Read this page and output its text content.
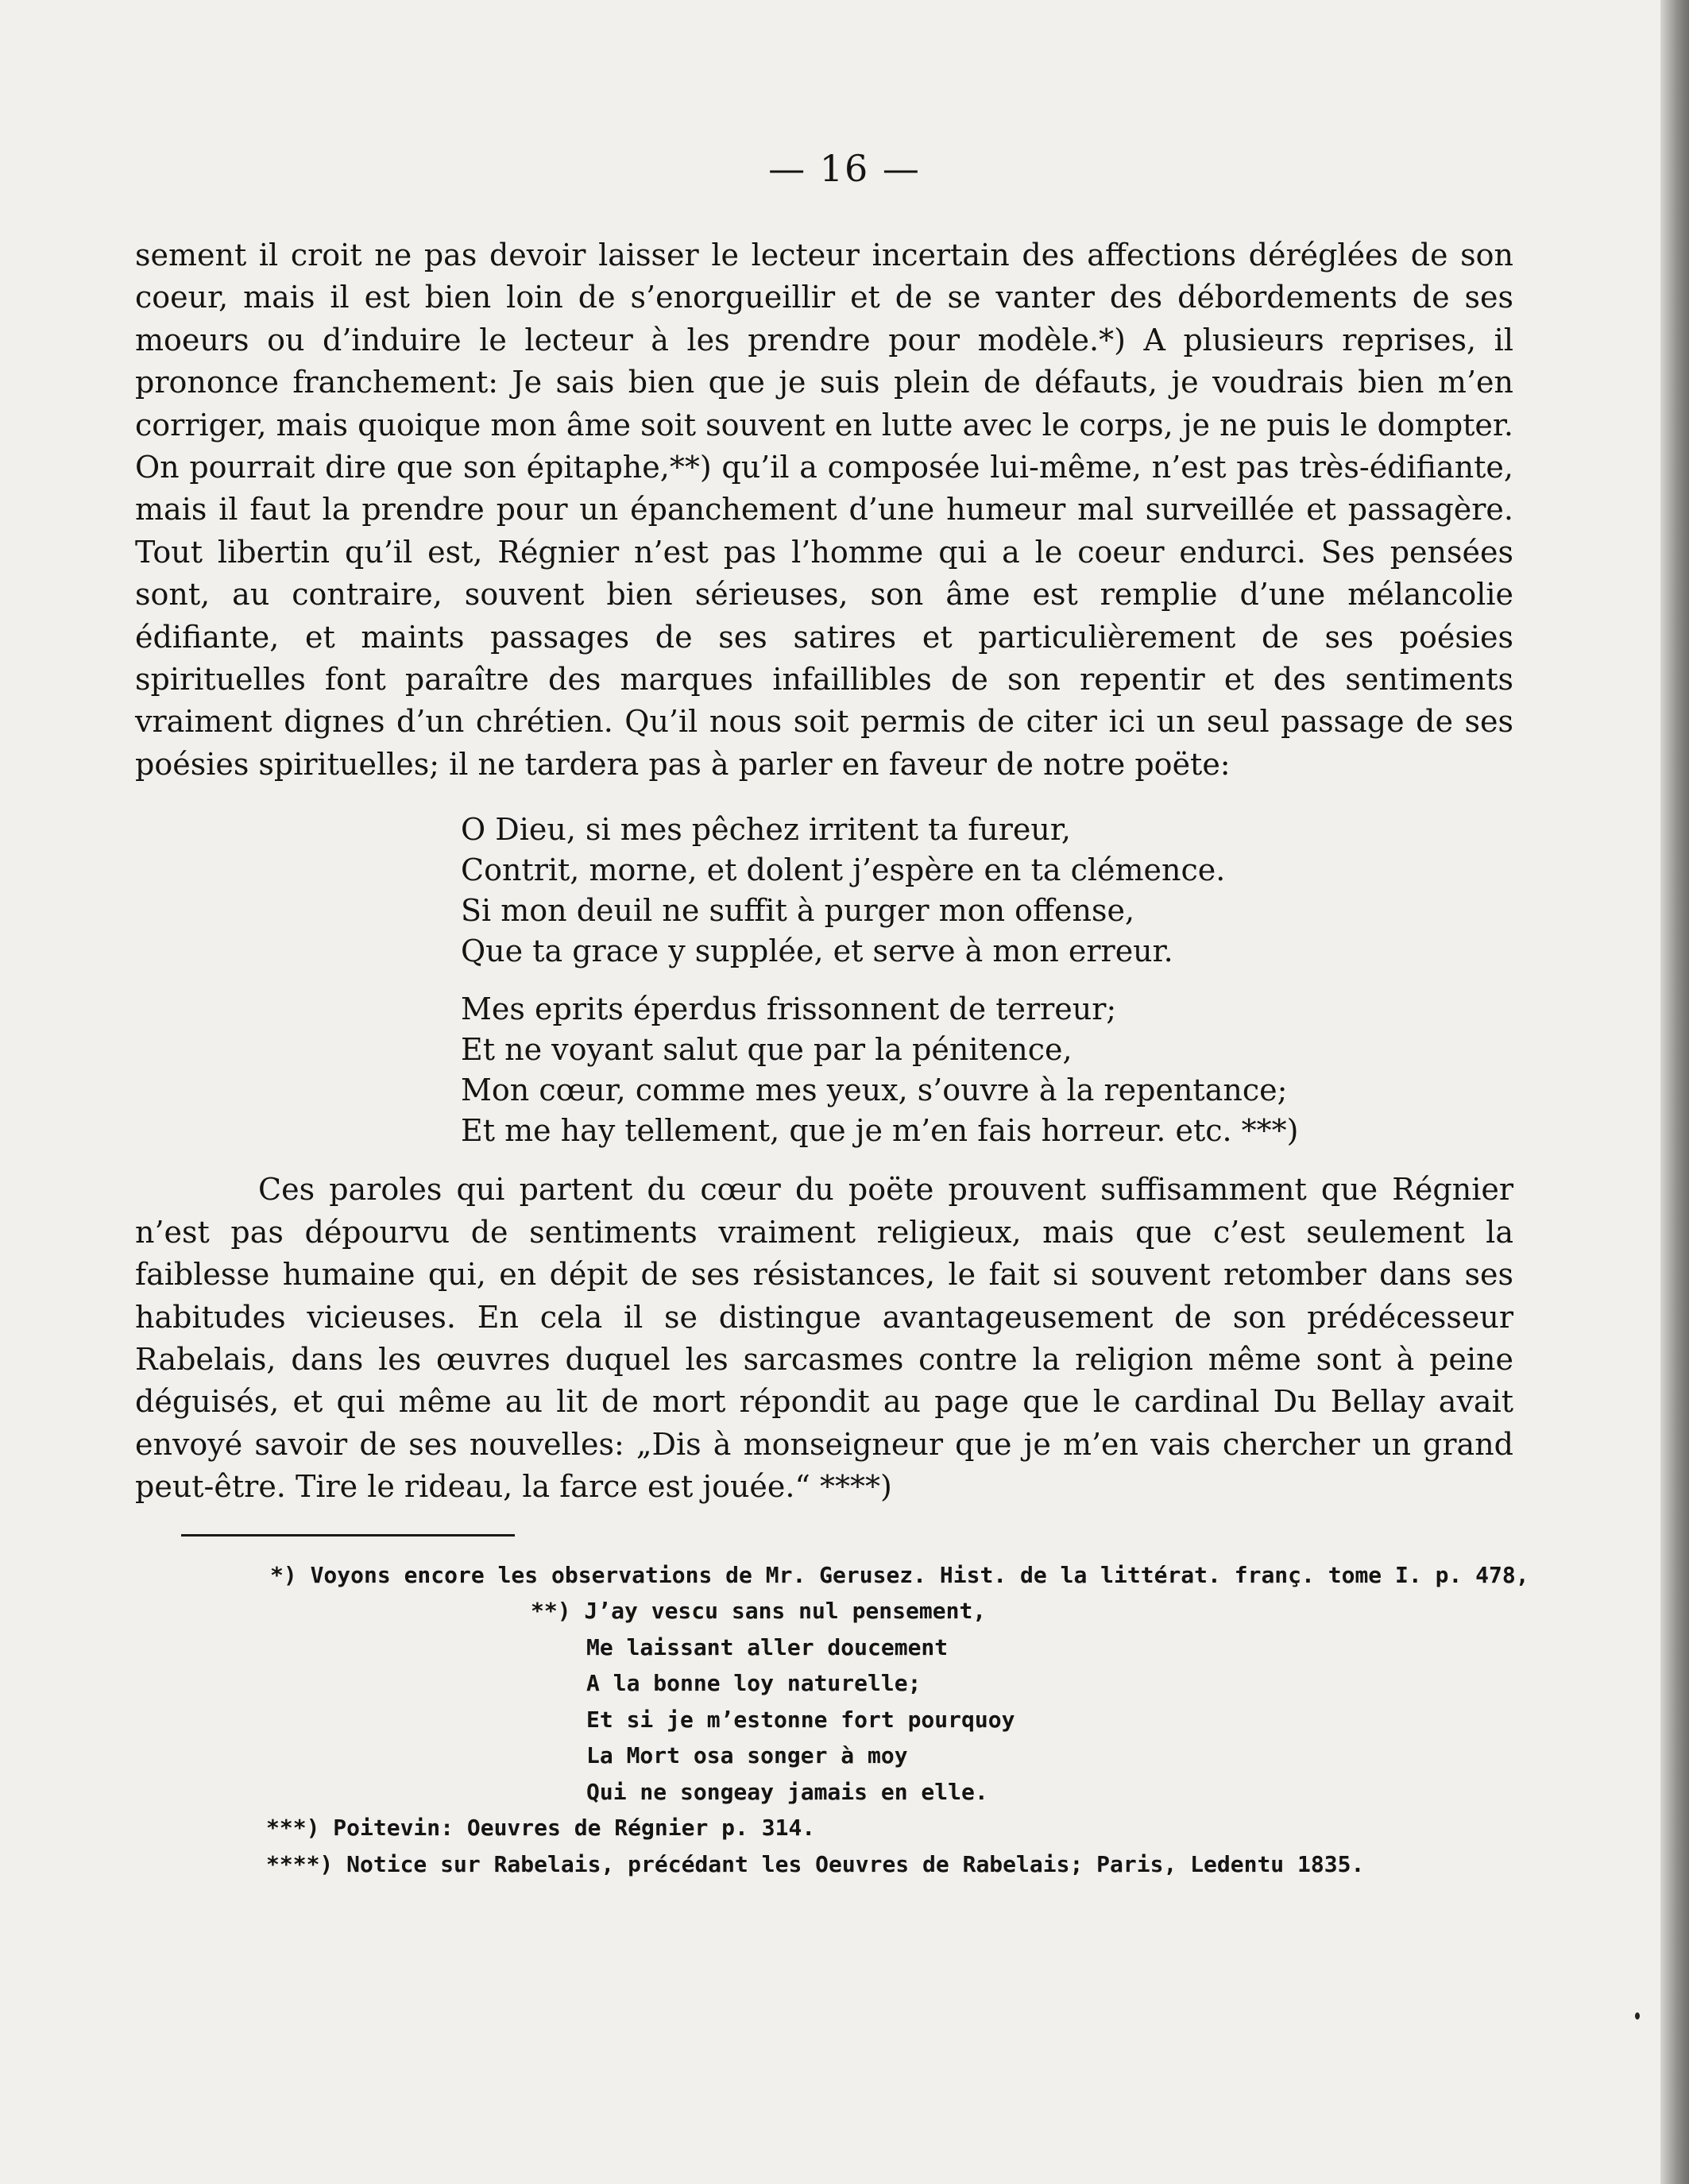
— 16 —

sement il croit ne pas devoir laisser le lecteur incertain des affections déréglées de son coeur, mais il est bien loin de s’enorgueillir et de se vanter des débordements de ses moeurs ou d’induire le lecteur à les prendre pour modèle.*) A plusieurs reprises, il prononce franchement: Je sais bien que je suis plein de défauts, je voudrais bien m’en corriger, mais quoique mon âme soit souvent en lutte avec le corps, je ne puis le dompter. On pourrait dire que son épitaphe,**) qu’il a composée lui-même, n’est pas très-édifiante, mais il faut la prendre pour un épanchement d’une humeur mal surveillée et passagère. Tout libertin qu’il est, Régnier n’est pas l’homme qui a le coeur endurci. Ses pensées sont, au contraire, souvent bien sérieuses, son âme est remplie d’une mélancolie édifiante, et maints passages de ses satires et particulièrement de ses poésies spirituelles font paraître des marques infaillibles de son repentir et des sentiments vraiment dignes d’un chrétien. Qu’il nous soit permis de citer ici un seul passage de ses poésies spirituelles; il ne tardera pas à parler en faveur de notre poëte:

O Dieu, si mes pêchez irritent ta fureur,
Contrit, morne, et dolent j’espère en ta clémence.
Si mon deuil ne suffit à purger mon offense,
Que ta grace y supplée, et serve à mon erreur.
Mes eprits éperdus frissonnent de terreur;
Et ne voyant salut que par la pénitence,
Mon cœur, comme mes yeux, s’ouvre à la repentance;
Et me hay tellement, que je m’en fais horreur. etc. ***)

Ces paroles qui partent du cœur du poëte prouvent suffisamment que Régnier n’est pas dépourvu de sentiments vraiment religieux, mais que c’est seulement la faiblesse humaine qui, en dépit de ses résistances, le fait si souvent retomber dans ses habitudes vicieuses. En cela il se distingue avantageusement de son prédécesseur Rabelais, dans les œuvres duquel les sarcasmes contre la religion même sont à peine déguisés, et qui même au lit de mort répondit au page que le cardinal Du Bellay avait envoyé savoir de ses nouvelles: „Dis à monseigneur que je m’en vais chercher un grand peut-être. Tire le rideau, la farce est jouée.“ ****)

*) Voyons encore les observations de Mr. Gerusez. Hist. de la littérat. franç. tome I. p. 478,
**) J’ay vescu sans nul pensement,
Me laissant aller doucement
A la bonne loy naturelle;
Et si je m’estonne fort pourquoy
La Mort osa songer à moy
Qui ne songeay jamais en elle.
***) Poitevin: Oeuvres de Régnier p. 314.
****) Notice sur Rabelais, précédant les Oeuvres de Rabelais; Paris, Ledentu 1835.
